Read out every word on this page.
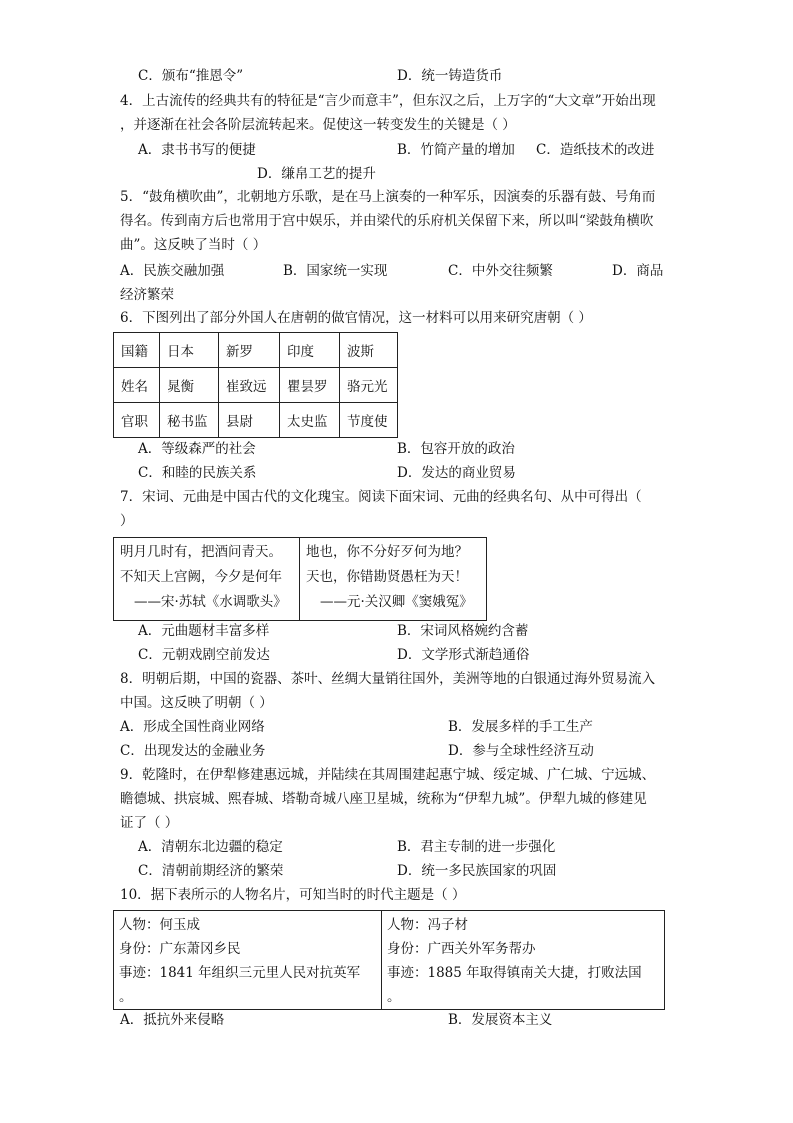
C．颁布“推恩令”	D．统一铸造货币
4．上古流传的经典共有的特征是“言少而意丰”，但东汉之后，上万字的“大文章”开始出现
，并逐渐在社会各阶层流转起来。促使这一转变发生的关键是（ ）
A．隶书书写的便捷	B．竹简产量的增加 C．造纸技术的改进
D．缣帛工艺的提升
5．“鼓角横吹曲”，北朝地方乐歌，是在马上演奏的一种军乐，因演奏的乐器有鼓、号角而
得名。传到南方后也常用于宫中娱乐，并由梁代的乐府机关保留下来，所以叫“梁鼓角横吹
曲”。这反映了当时（ ）
A．民族交融加强	B．国家统一实现	C．中外交往频繁	D．商品
经济繁荣
6．下图列出了部分外国人在唐朝的做官情况，这一材料可以用来研究唐朝（ ）
国籍	日本	新罗	印度	波斯
姓名	晁衡	崔致远	瞿昙罗	骆元光
官职	秘书监	县尉	太史监	节度使
A．等级森严的社会	B．包容开放的政治
C．和睦的民族关系	D．发达的商业贸易
7．宋词、元曲是中国古代的文化瑰宝。阅读下面宋词、元曲的经典名句、从中可得出（
）
明月几时有，把酒问青天。
不知天上宫阙，今夕是何年
——宋·苏轼《水调歌头》
地也，你不分好歹何为地？
天也，你错勘贤愚枉为天！
——元·关汉卿《窦娥冤》
A．元曲题材丰富多样	B．宋词风格婉约含蓄
C．元朝戏剧空前发达	D．文学形式渐趋通俗
8．明朝后期，中国的瓷器、茶叶、丝绸大量销往国外，美洲等地的白银通过海外贸易流入
中国。这反映了明朝（ ）
A．形成全国性商业网络	B．发展多样的手工生产
C．出现发达的金融业务	D．参与全球性经济互动
9．乾隆时，在伊犁修建惠远城，并陆续在其周围建起惠宁城、绥定城、广仁城、宁远城、
瞻德城、拱宸城、熙春城、塔勒奇城八座卫星城，统称为“伊犁九城”。伊犁九城的修建见
证了（ ）
A．清朝东北边疆的稳定	B．君主专制的进一步强化
C．清朝前期经济的繁荣	D．统一多民族国家的巩固
10．据下表所示的人物名片，可知当时的时代主题是（ ）
人物：何玉成
身份：广东萧冈乡民
事迹：1841 年组织三元里人民对抗英军
。
人物：冯子材
身份：广西关外军务帮办
事迹：1885 年取得镇南关大捷，打败法国
。
A．抵抗外来侵略	B．发展资本主义
